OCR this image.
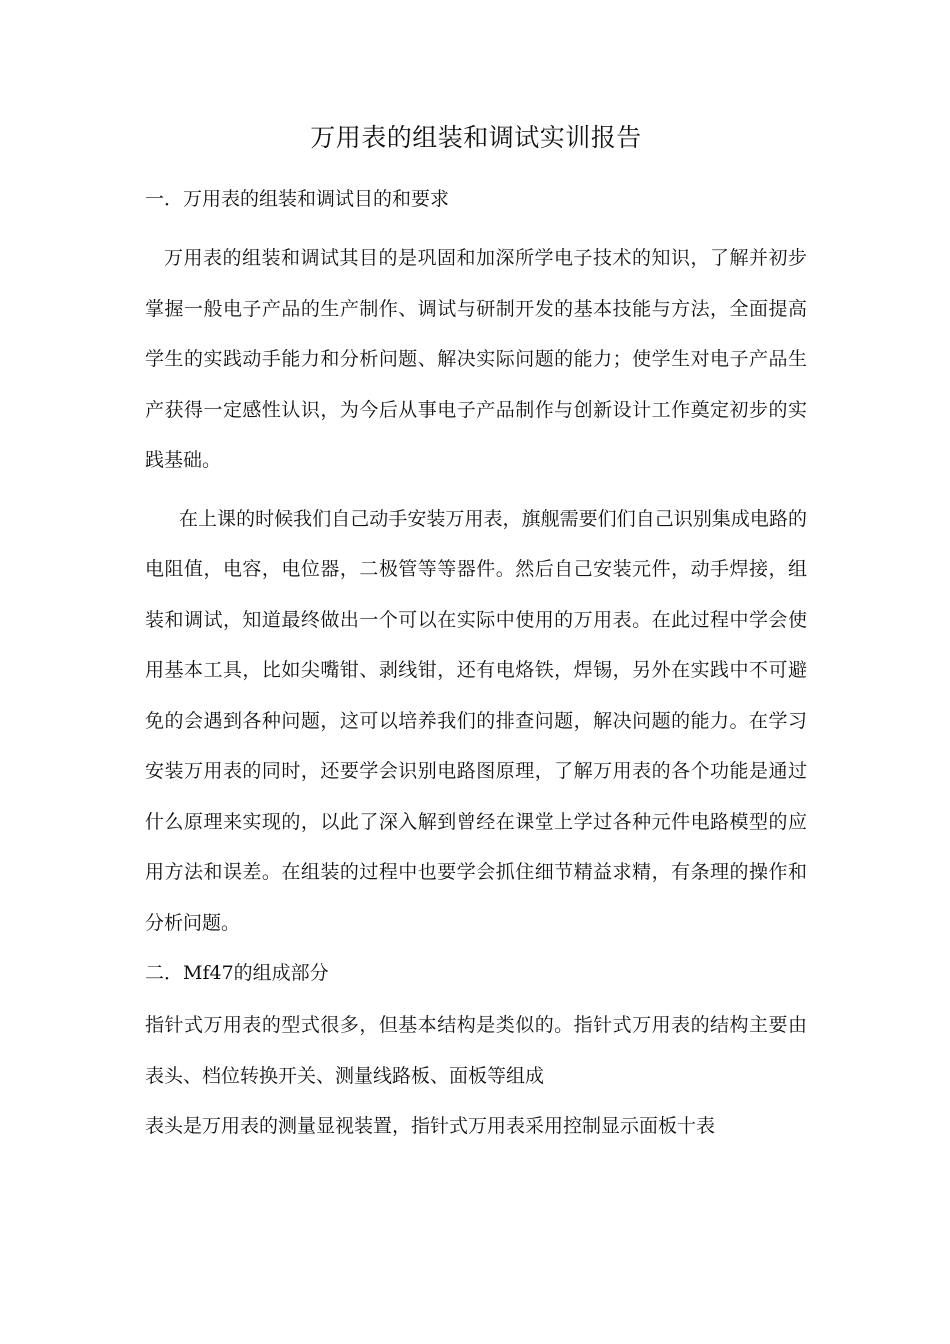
万用表的组装和调试实训报告
一．万用表的组装和调试目的和要求

万用表的组装和调试其目的是巩固和加深所学电子技术的知识，了解并初步掌握一般电子产品的生产制作、调试与研制开发的基本技能与方法，全面提高学生的实践动手能力和分析问题、解决实际问题的能力；使学生对电子产品生产获得一定感性认识，为今后从事电子产品制作与创新设计工作奠定初步的实践基础。

在上课的时候我们自己动手安装万用表，旗舰需要们们自己识别集成电路的电阻值，电容，电位器，二极管等等器件。然后自己安装元件，动手焊接，组装和调试，知道最终做出一个可以在实际中使用的万用表。在此过程中学会使用基本工具，比如尖嘴钳、剥线钳，还有电烙铁，焊锡，另外在实践中不可避免的会遇到各种问题，这可以培养我们的排查问题，解决问题的能力。在学习安装万用表的同时，还要学会识别电路图原理，了解万用表的各个功能是通过什么原理来实现的，以此了深入解到曾经在课堂上学过各种元件电路模型的应用方法和误差。在组装的过程中也要学会抓住细节精益求精，有条理的操作和分析问题。

二．Mf47的组成部分

指针式万用表的型式很多，但基本结构是类似的。指针式万用表的结构主要由表头、档位转换开关、测量线路板、面板等组成

表头是万用表的测量显视装置，指针式万用表采用控制显示面板十表
